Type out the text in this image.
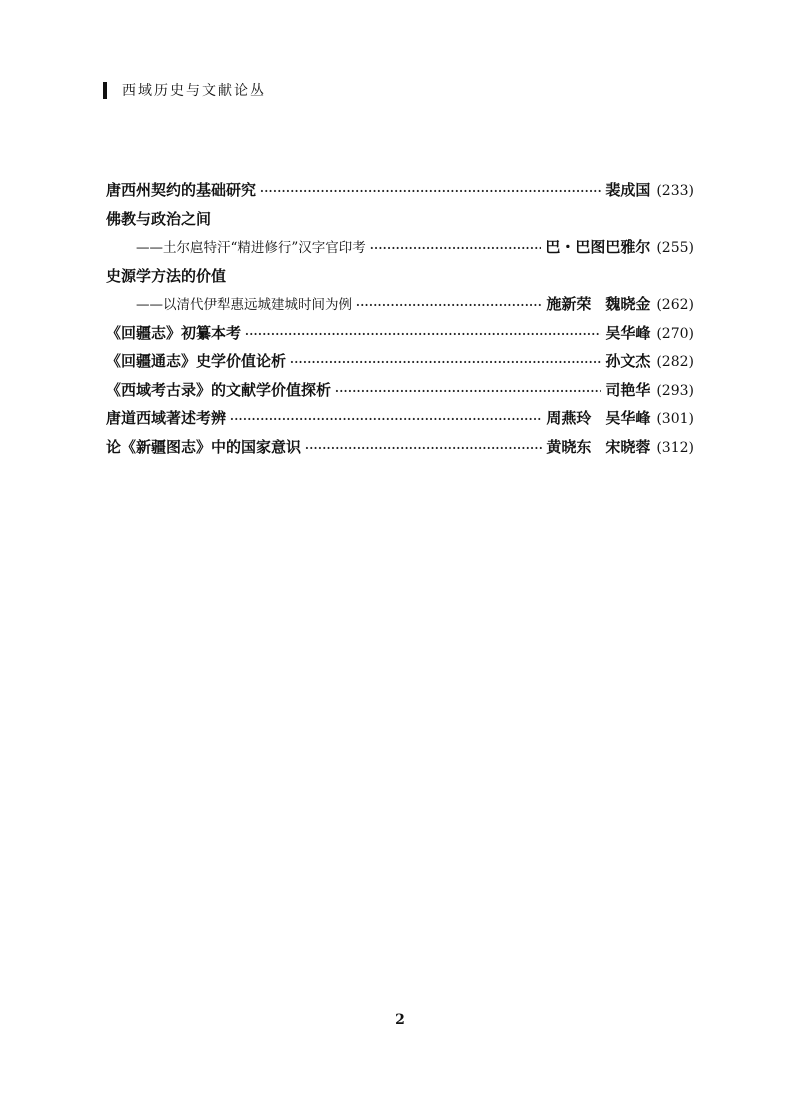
西域历史与文献论丛
唐西州契约的基础研究 ·····	裴成国 (233)
佛教与政治之间
——土尔扈特汗“精进修行”汉字官印考 ·····	巴・巴图巴雅尔 (255)
史源学方法的价值
——以清代伊犁惠远城建城时间为例 ·····	施新荣 魏晓金 (262)
《回疆志》初纂本考 ·····	吴华峰 (270)
《回疆通志》史学价值论析 ·····	孙文杰 (282)
《西域考古录》的文献学价值探析 ·····	司艳华 (293)
唐道西域著述考辨 ·····	周燕玲 吴华峰 (301)
论《新疆图志》中的国家意识 ·····	黄晓东 宋晓蓉 (312)
2
